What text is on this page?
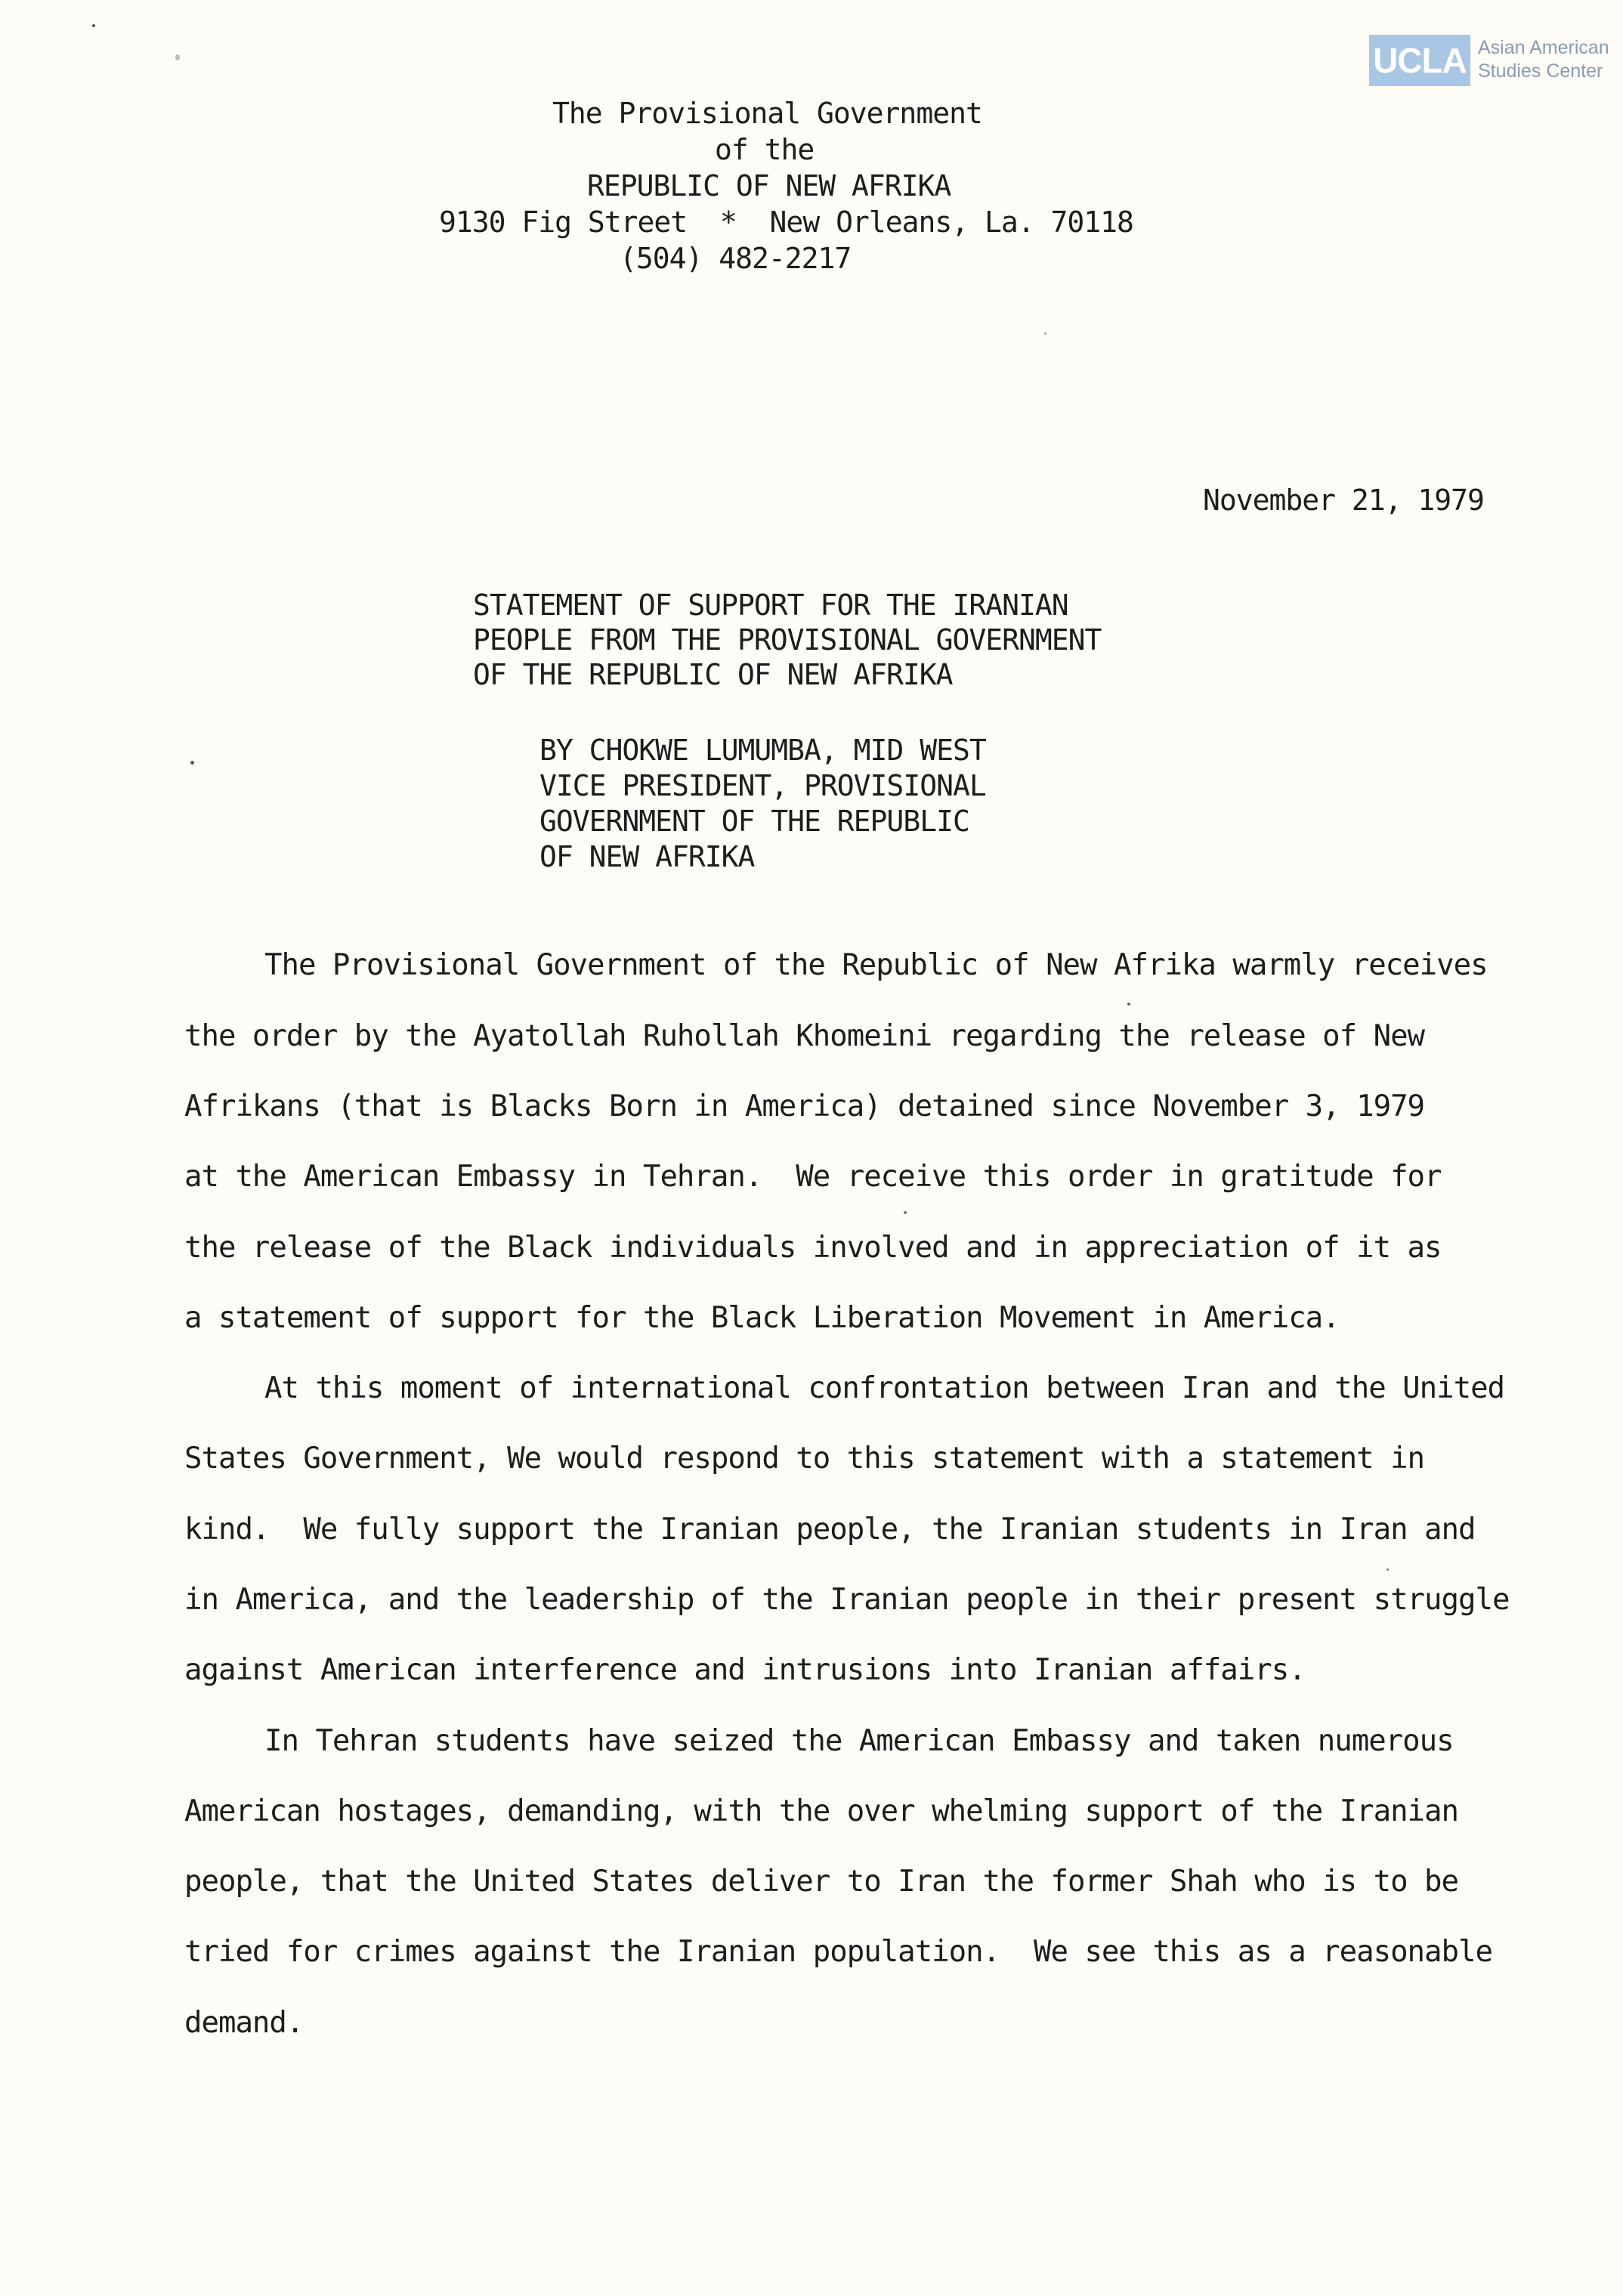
UCLA Asian American
Studies Center
The Provisional Government
of the
REPUBLIC OF NEW AFRIKA
9130 Fig Street  *  New Orleans, La. 70118
(504) 482-2217
November 21, 1979
STATEMENT OF SUPPORT FOR THE IRANIAN
PEOPLE FROM THE PROVISIONAL GOVERNMENT
OF THE REPUBLIC OF NEW AFRIKA
BY CHOKWE LUMUMBA, MID WEST
VICE PRESIDENT, PROVISIONAL
GOVERNMENT OF THE REPUBLIC
OF NEW AFRIKA
The Provisional Government of the Republic of New Afrika warmly receives
the order by the Ayatollah Ruhollah Khomeini regarding the release of New
Afrikans (that is Blacks Born in America) detained since November 3, 1979
at the American Embassy in Tehran.  We receive this order in gratitude for
the release of the Black individuals involved and in appreciation of it as
a statement of support for the Black Liberation Movement in America.
At this moment of international confrontation between Iran and the United
States Government, We would respond to this statement with a statement in
kind.  We fully support the Iranian people, the Iranian students in Iran and
in America, and the leadership of the Iranian people in their present struggle
against American interference and intrusions into Iranian affairs.
In Tehran students have seized the American Embassy and taken numerous
American hostages, demanding, with the over whelming support of the Iranian
people, that the United States deliver to Iran the former Shah who is to be
tried for crimes against the Iranian population.  We see this as a reasonable
demand.
